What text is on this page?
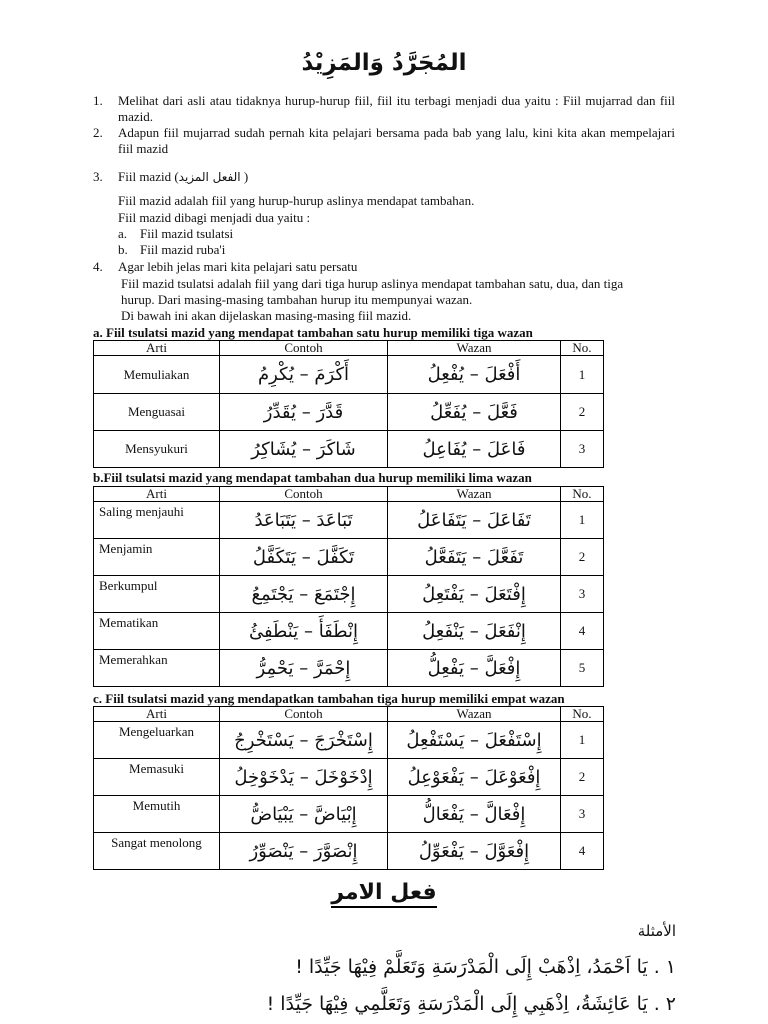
المُجَرَّدُ وَالمَزِيْدُ
1. Melihat dari asli atau tidaknya hurup-hurup fiil, fiil itu terbagi menjadi dua yaitu : Fiil mujarrad dan fiil mazid.
2. Adapun fiil mujarrad sudah pernah kita pelajari bersama pada bab yang lalu, kini kita akan mempelajari fiil mazid
3. Fiil mazid (الفعل المزيد )
Fiil mazid adalah fiil yang hurup-hurup aslinya mendapat tambahan.
Fiil mazid dibagi menjadi dua yaitu :
a. Fiil mazid tsulatsi
b. Fiil mazid ruba'i
4. Agar lebih jelas mari kita pelajari satu persatu
Fiil mazid tsulatsi adalah fiil yang dari tiga hurup aslinya mendapat tambahan satu, dua, dan tiga
hurup. Dari masing-masing tambahan hurup itu mempunyai wazan.
Di bawah ini akan dijelaskan masing-masing fiil mazid.
a. Fiil tsulatsi mazid yang mendapat tambahan satu hurup memiliki tiga wazan
Arti	Contoh	Wazan	No.
Memuliakan	أَكْرَمَ – يُكْرِمُ	أَفْعَلَ – يُفْعِلُ	1
Menguasai	قَدَّرَ – يُقَدِّرُ	فَعَّلَ – يُفَعِّلُ	2
Mensyukuri	شَاكَرَ – يُشَاكِرُ	فَاعَلَ – يُفَاعِلُ	3
b.Fiil tsulatsi mazid yang mendapat tambahan dua hurup memiliki lima wazan
Arti	Contoh	Wazan	No.
Saling menjauhi	تَبَاعَدَ – يَتَبَاعَدُ	تَفَاعَلَ – يَتَفَاعَلُ	1
Menjamin	تَكَفَّلَ – يَتَكَفَّلُ	تَفَعَّلَ – يَتَفَعَّلُ	2
Berkumpul	إِجْتَمَعَ – يَجْتَمِعُ	إِفْتَعَلَ – يَفْتَعِلُ	3
Mematikan	إِنْطَفَأَ – يَنْطَفِئُ	إِنْفَعَلَ – يَنْفَعِلُ	4
Memerahkan	إِحْمَرَّ – يَحْمِرُّ	إِفْعَلَّ – يَفْعِلُّ	5
c. Fiil tsulatsi mazid yang mendapatkan tambahan tiga hurup memiliki empat wazan
Arti	Contoh	Wazan	No.
Mengeluarkan	إِسْتَخْرَجَ – يَسْتَخْرِجُ	إِسْتَفْعَلَ – يَسْتَفْعِلُ	1
Memasuki	إِدْخَوْخَلَ – يَدْخَوْخِلُ	إِفْعَوْعَلَ – يَفْعَوْعِلُ	2
Memutih	إِبْيَاضَّ – يَبْيَاضُّ	إِفْعَالَّ – يَفْعَالُّ	3
Sangat menolong	إِنْصَوَّرَ – يَنْصَوِّرُ	إِفْعَوَّلَ – يَفْعَوِّلُ	4
فعل الامر
الأمثلة
١ . يَا اَحْمَدُ، اِذْهَبْ إِلَى الْمَدْرَسَةِ وَتَعَلَّمْ فِيْهَا جَيِّدًا !
٢ . يَا عَائِشَةُ، اِذْهَبِي إِلَى الْمَدْرَسَةِ وَتَعَلَّمِي فِيْهَا جَيِّدًا !
